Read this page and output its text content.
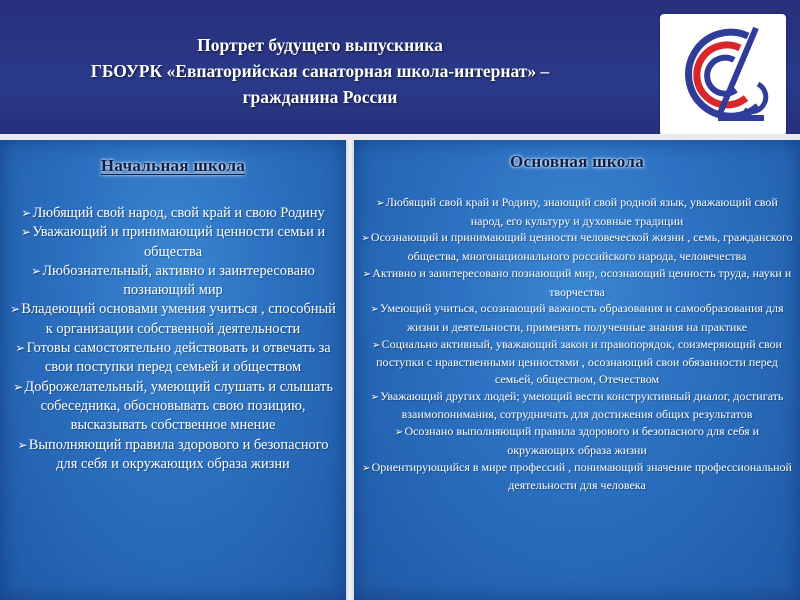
Портрет будущего выпускника
ГБОУРК «Евпаторийская санаторная школа-интернат» –
гражданина России
Начальная школа
➢Любящий свой народ, свой край и свою Родину
➢Уважающий и принимающий ценности семьи и общества
➢Любознательный, активно и заинтересовано познающий мир
➢Владеющий основами умения учиться , способный к организации собственной деятельности
➢Готовы самостоятельно действовать и отвечать за свои поступки перед семьей и обществом
➢Доброжелательный, умеющий слушать и слышать собеседника, обосновывать свою позицию, высказывать собственное мнение
➢Выполняющий правила здорового и безопасного для себя и окружающих образа жизни
Основная школа
➢Любящий свой край и Родину, знающий свой родной язык, уважающий свой народ, его культуру и духовные традиции
➢Осознающий и принимающий ценности человеческой жизни , семь, гражданского общества, многонационального российского народа, человечества
➢Активно и заинтересовано познающий мир, осознающий ценность труда, науки и творчества
➢Умеющий учиться, осознающий важность образования и самообразования для жизни и деятельности, применять полученные знания на практике
➢Социально активный, уважающий закон и правопорядок, соизмеряющий свои поступки с нравственными ценностями , осознающий свои обязанности перед семьей, обществом, Отечеством
➢Уважающий других людей; умеющий вести конструктивный диалог, достигать взаимопонимания, сотрудничать для достижения общих результатов
➢Осознано выполняющий правила здорового и безопасного для себя и окружающих образа жизни
➢Ориентирующийся в мире профессий , понимающий значение профессиональной деятельности для человека
